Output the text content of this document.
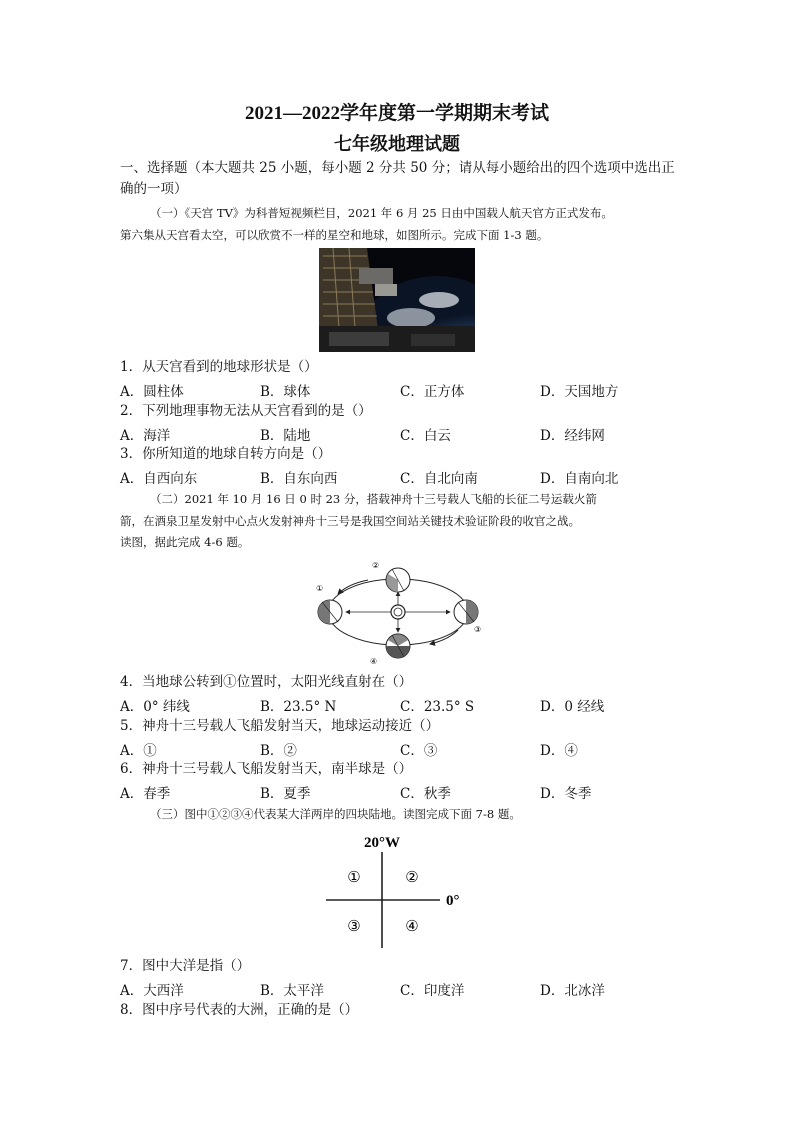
2021—2022学年度第一学期期末考试
七年级地理试题
一、选择题（本大题共 25 小题，每小题 2 分共 50 分；请从每小题给出的四个选项中选出正
确的一项）
（一）《天宫 TV》为科普短视频栏目，2021 年 6 月 25 日由中国载人航天官方正式发布。
第六集从天宫看太空，可以欣赏不一样的星空和地球，如图所示。完成下面 1-3 题。
1．从天宫看到的地球形状是（）
A．圆柱体	B．球体	C．正方体	D．天国地方
2．下列地理事物无法从天宫看到的是（）
A．海洋	B．陆地	C．白云	D．经纬网
3．你所知道的地球自转方向是（）
A．自西向东	B．自东向西	C．自北向南	D．自南向北
（二）2021 年 10 月 16 日 0 时 23 分，搭载神舟十三号载人飞船的长征二号运载火箭
箭，在酒泉卫星发射中心点火发射神舟十三号是我国空间站关键技术验证阶段的收官之战。
读图，据此完成 4-6 题。
①
②
③
④
4．当地球公转到①位置时，太阳光线直射在（）
A．0° 纬线	B．23.5° N	C．23.5° S	D．0 经线
5．神舟十三号载人飞船发射当天，地球运动接近（）
A．①	B．②	C．③	D．④
6．神舟十三号载人飞船发射当天，南半球是（）
A．春季	B．夏季	C．秋季	D．冬季
（三）图中①②③④代表某大洋两岸的四块陆地。读图完成下面 7-8 题。
20°W
0°
①	②
③	④
7．图中大洋是指（）
A．大西洋	B．太平洋	C．印度洋	D．北冰洋
8．图中序号代表的大洲，正确的是（）
